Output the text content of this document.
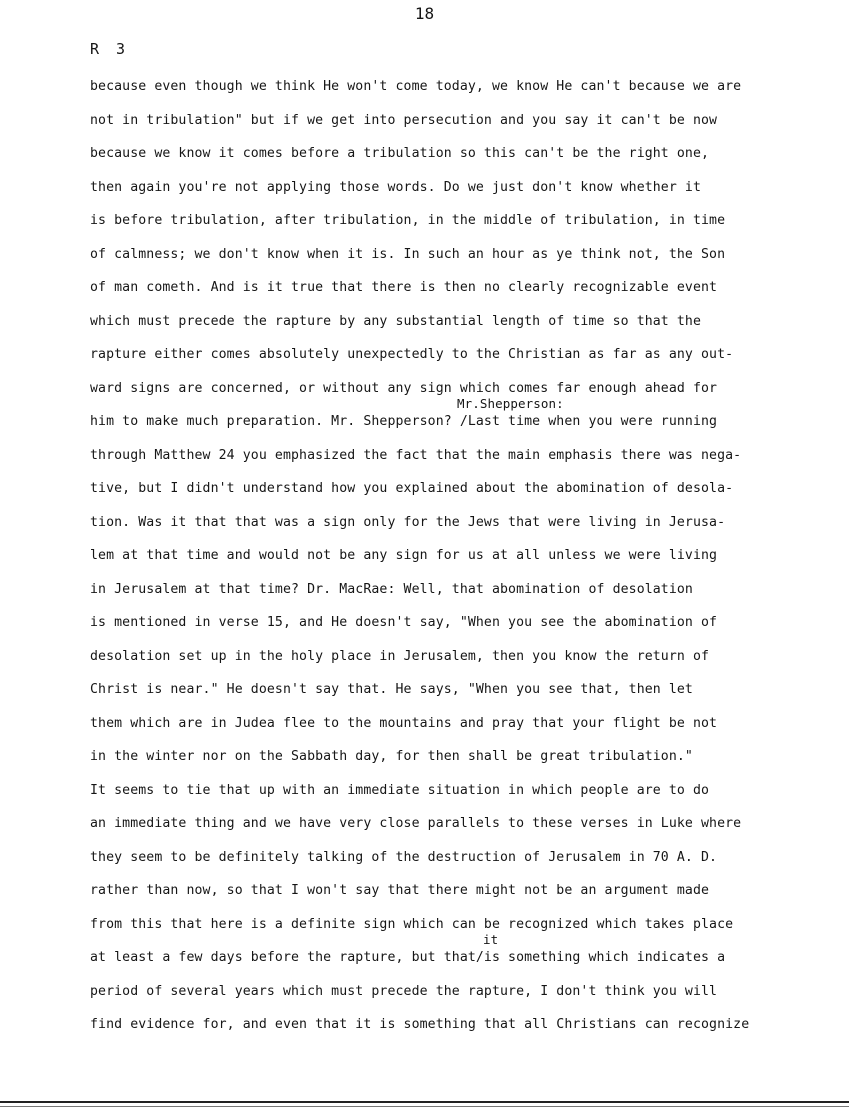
18
R 3
because even though we think He won't come today, we know He can't because we are
not in tribulation" but if we get into persecution and you say it can't be now
because we know it comes before a tribulation so this can't be the right one,
then again you're not applying those words. Do we just don't know whether it
is before tribulation, after tribulation, in the middle of tribulation, in time
of calmness; we don't know when it is. In such an hour as ye think not, the Son
of man cometh. And is it true that there is then no clearly recognizable event
which must precede the rapture by any substantial length of time so that the
rapture either comes absolutely unexpectedly to the Christian as far as any out-
ward signs are concerned, or without any sign which comes far enough ahead for
him to make much preparation. Mr. Shepperson? /Last time when you were running
through Matthew 24 you emphasized the fact that the main emphasis there was nega-
tive, but I didn't understand how you explained about the abomination of desola-
tion. Was it that that was a sign only for the Jews that were living in Jerusa-
lem at that time and would not be any sign for us at all unless we were living
in Jerusalem at that time? Dr. MacRae: Well, that abomination of desolation
is mentioned in verse 15, and He doesn't say, "When you see the abomination of
desolation set up in the holy place in Jerusalem, then you know the return of
Christ is near." He doesn't say that. He says, "When you see that, then let
them which are in Judea flee to the mountains and pray that your flight be not
in the winter nor on the Sabbath day, for then shall be great tribulation."
It seems to tie that up with an immediate situation in which people are to do
an immediate thing and we have very close parallels to these verses in Luke where
they seem to be definitely talking of the destruction of Jerusalem in 70 A. D.
rather than now, so that I won't say that there might not be an argument made
from this that here is a definite sign which can be recognized which takes place
at least a few days before the rapture, but that/is something which indicates a
period of several years which must precede the rapture, I don't think you will
find evidence for, and even that it is something that all Christians can recognize
Mr.Shepperson:
it
